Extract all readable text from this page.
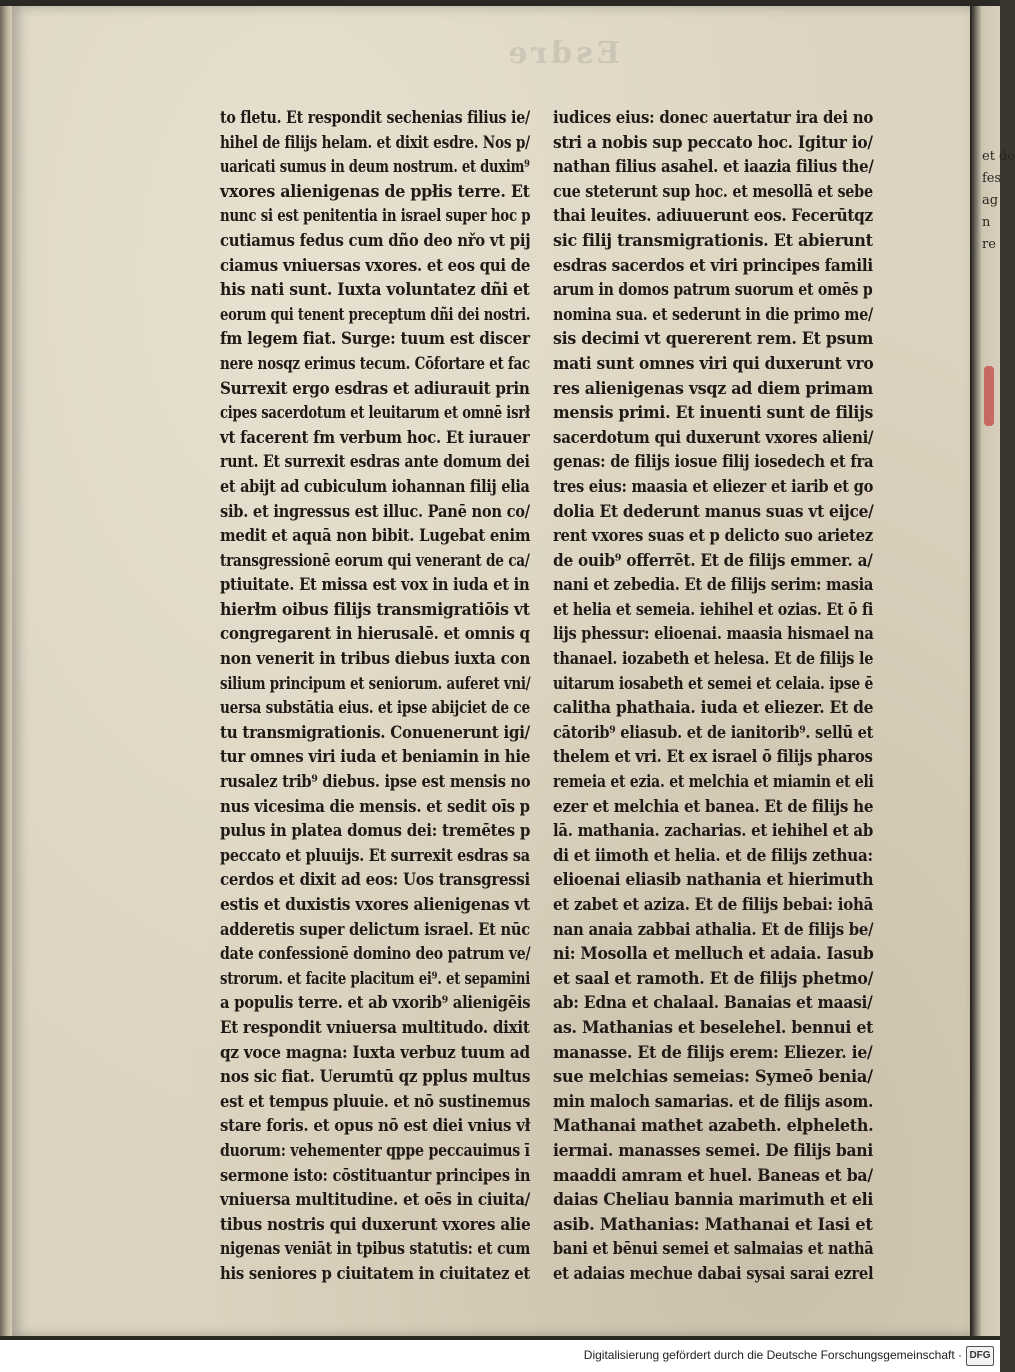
Esdre
et do
fes
ag
n
re
to fletu. Et respondit sechenias filius ie/
hihel de filijs helam. et dixit esdre. Nos p/
uaricati sumus in deum nostrum. et duxim⁹
vxores alienigenas de ppłis terre. Et
nunc si est penitentia in israel super hoc p
cutiamus fedus cum dño deo nřo vt pij
ciamus vniuersas vxores. et eos qui de
his nati sunt. Iuxta voluntatez dñi et
eorum qui tenent preceptum dñi dei nostri.
fm legem fiat. Surge: tuum est discer
nere nosqz erimus tecum. Cōfortare et fac
Surrexit ergo esdras et adiurauit prin
cipes sacerdotum et leuitarum et omnē isrł
vt facerent fm verbum hoc. Et iurauer
runt. Et surrexit esdras ante domum dei
et abijt ad cubiculum iohannan filij elia
sib. et ingressus est illuc. Panē non co/
medit et aquā non bibit. Lugebat enim
transgressionē eorum qui venerant de ca/
ptiuitate. Et missa est vox in iuda et in
hierłm oibus filijs transmigratiōis vt
congregarent in hierusalē. et omnis q
non venerit in tribus diebus iuxta con
silium principum et seniorum. auferet vni/
uersa substātia eius. et ipse abijciet de ce
tu transmigrationis. Conuenerunt igi/
tur omnes viri iuda et beniamin in hie
rusalez trib⁹ diebus. ipse est mensis no
nus vicesima die mensis. et sedit oīs p
pulus in platea domus dei: tremētes p
peccato et pluuijs. Et surrexit esdras sa
cerdos et dixit ad eos: Uos transgressi
estis et duxistis vxores alienigenas vt
adderetis super delictum israel. Et nūc
date confessionē domino deo patrum ve/
strorum. et facite placitum ei⁹. et sepamini
a populis terre. et ab vxorib⁹ alienigēis
Et respondit vniuersa multitudo. dixit
qz voce magna: Iuxta verbuz tuum ad
nos sic fiat. Uerumtū qz pplus multus
est et tempus pluuie. et nō sustinemus
stare foris. et opus nō est diei vnius vł
duorum: vehementer qppe peccauimus ī
sermone isto: cōstituantur principes in
vniuersa multitudine. et oēs in ciuita/
tibus nostris qui duxerunt vxores alie
nigenas veniāt in tpibus statutis: et cum
his seniores p ciuitatem in ciuitatez et
iudices eius: donec auertatur ira dei no
stri a nobis sup peccato hoc. Igitur io/
nathan filius asahel. et iaazia filius the/
cue steterunt sup hoc. et mesollā et sebe
thai leuites. adiuuerunt eos. Fecerūtqz
sic filij transmigrationis. Et abierunt
esdras sacerdos et viri principes famili
arum in domos patrum suorum et omēs p
nomina sua. et sederunt in die primo me/
sis decimi vt quererent rem. Et psum
mati sunt omnes viri qui duxerunt vro
res alienigenas vsqz ad diem primam
mensis primi. Et inuenti sunt de filijs
sacerdotum qui duxerunt vxores alieni/
genas: de filijs iosue filij iosedech et fra
tres eius: maasia et eliezer et iarib et go
dolia Et dederunt manus suas vt eijce/
rent vxores suas et p delicto suo arietez
de ouib⁹ offerrēt. Et de filijs emmer. a/
nani et zebedia. Et de filijs serim: masia
et helia et semeia. iehihel et ozias. Et ō fi
lijs phessur: elioenai. maasia hismael na
thanael. iozabeth et helesa. Et de filijs le
uitarum iosabeth et semei et celaia. ipse ē
calitha phathaia. iuda et eliezer. Et de
cātorib⁹ eliasub. et de ianitorib⁹. sellū et
thelem et vri. Et ex israel ō filijs pharos
remeia et ezia. et melchia et miamin et eli
ezer et melchia et banea. Et de filijs he
lā. mathania. zacharias. et iehihel et ab
di et iimoth et helia. et de filijs zethua:
elioenai eliasib nathania et hierimuth
et zabet et aziza. Et de filijs bebai: iohā
nan anaia zabbai athalia. Et de filijs be/
ni: Mosolla et melluch et adaia. Iasub
et saal et ramoth. Et de filijs phetmo/
ab: Edna et chalaal. Banaias et maasi/
as. Mathanias et beselehel. bennui et
manasse. Et de filijs erem: Eliezer. ie/
sue melchias semeias: Symeō benia/
min maloch samarias. et de filijs asom.
Mathanai mathet azabeth. elpheleth.
iermai. manasses semei. De filijs bani
maaddi amram et huel. Baneas et ba/
daias Cheliau bannia marimuth et eli
asib. Mathanias: Mathanai et Iasi et
bani et bēnui semei et salmaias et nathā
et adaias mechue dabai sysai sarai ezrel
Digitalisierung gefördert durch die Deutsche Forschungsgemeinschaft · DFG
